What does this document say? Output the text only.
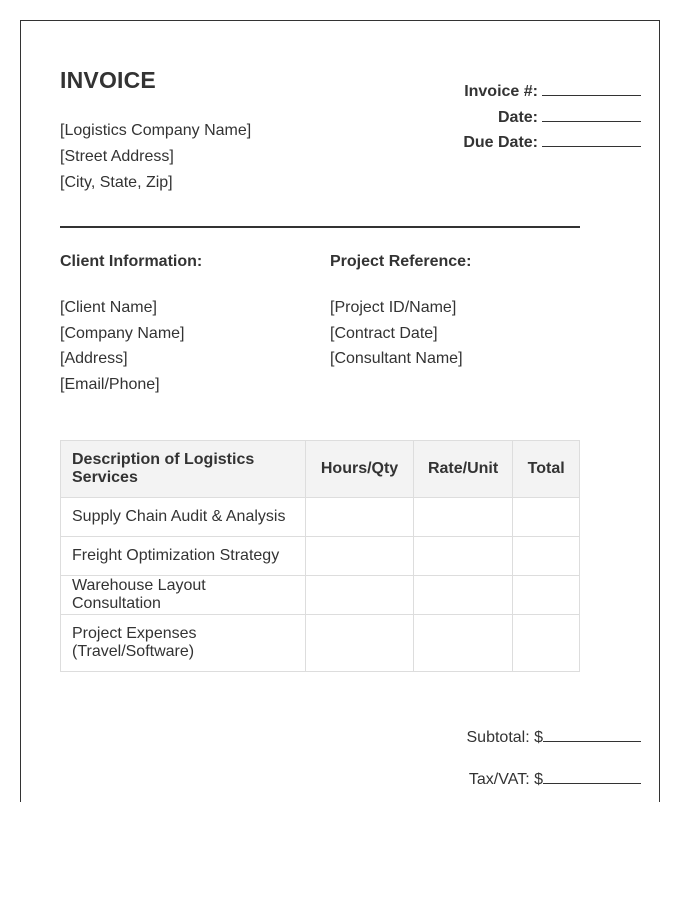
INVOICE
[Logistics Company Name]
[Street Address]
[City, State, Zip]
Invoice #:
Date:
Due Date:
Client Information:	Project Reference:
[Client Name]
[Company Name]
[Address]
[Email/Phone]
[Project ID/Name]
[Contract Date]
[Consultant Name]
Description of Logistics Services	Hours/Qty	Rate/Unit	Total
Supply Chain Audit & Analysis			
Freight Optimization Strategy			
Warehouse Layout Consultation			
Project Expenses (Travel/Software)			
Subtotal: $
Tax/VAT: $
